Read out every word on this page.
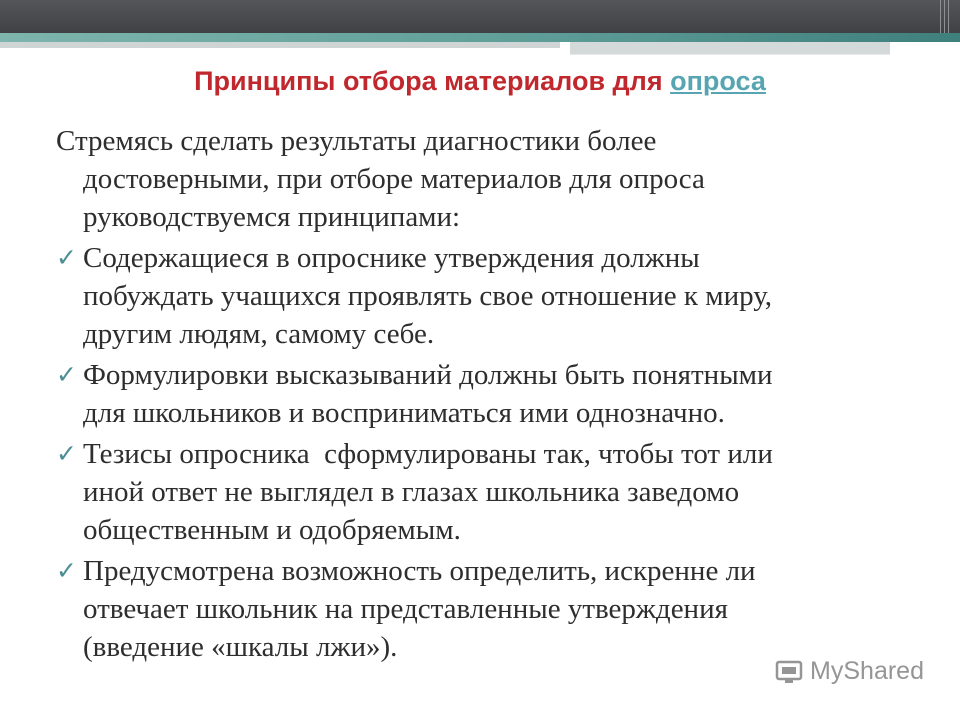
Принципы отбора материалов для опроса
Стремясь сделать результаты диагностики более
достоверными, при отборе материалов для опроса
руководствуемся принципами:
✓ Содержащиеся в опроснике утверждения должны
побуждать учащихся проявлять свое отношение к миру,
другим людям, самому себе.
✓ Формулировки высказываний должны быть понятными
для школьников и восприниматься ими однозначно.
✓ Тезисы опросника  сформулированы так, чтобы тот или
иной ответ не выглядел в глазах школьника заведомо
общественным и одобряемым.
✓ Предусмотрена возможность определить, искренне ли
отвечает школьник на представленные утверждения
(введение «шкалы лжи»).
MyShared
